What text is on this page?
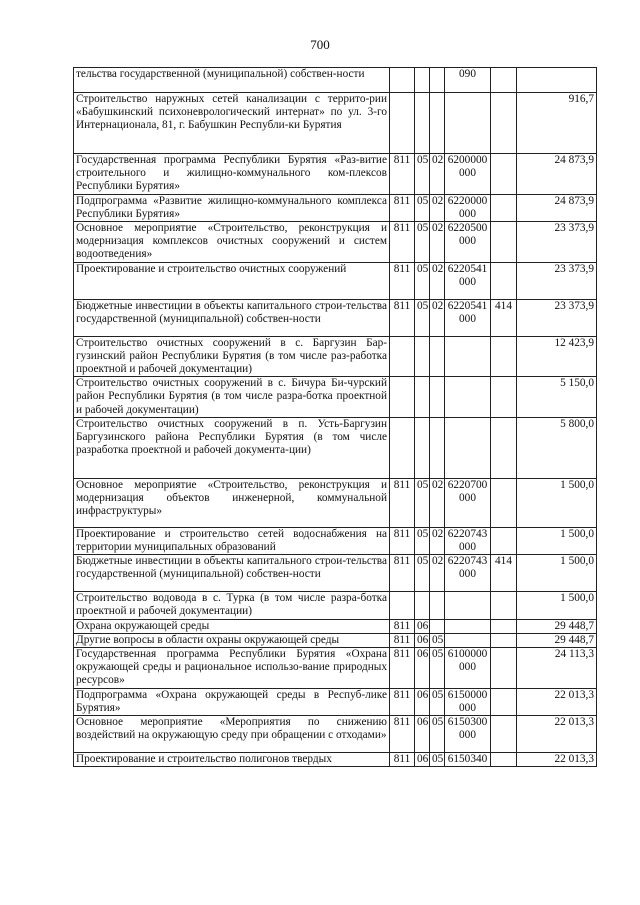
700
тельства государственной (муниципальной) собствен-ности				090		
Строительство наружных сетей канализации с террито-рии «Бабушкинский психоневрологический интернат» по ул. 3-го Интернационала, 81, г. Бабушкин Республи-ки Бурятия						916,7
Государственная программа Республики Бурятия «Раз-витие строительного и жилищно-коммунального ком-плексов Республики Бурятия»	811	05	02	6200000 000		24 873,9
Подпрограмма «Развитие жилищно-коммунального комплекса Республики Бурятия»	811	05	02	6220000 000		24 873,9
Основное мероприятие «Строительство, реконструкция и модернизация комплексов очистных сооружений и систем водоотведения»	811	05	02	6220500 000		23 373,9
Проектирование и строительство очистных сооружений	811	05	02	6220541 000		23 373,9
Бюджетные инвестиции в объекты капитального строи-тельства государственной (муниципальной) собствен-ности	811	05	02	6220541 000	414	23 373,9
Строительство очистных сооружений в с. Баргузин Бар-гузинский район Республики Бурятия (в том числе раз-работка проектной и рабочей документации)						12 423,9
Строительство очистных сооружений в с. Бичура Би-чурский район Республики Бурятия (в том числе разра-ботка проектной и рабочей документации)						5 150,0
Строительство очистных сооружений в п. Усть-Баргузин Баргузинского района Республики Бурятия (в том числе разработка проектной и рабочей документа-ции)						5 800,0
Основное мероприятие «Строительство, реконструкция и модернизация объектов инженерной, коммунальной инфраструктуры»	811	05	02	6220700 000		1 500,0
Проектирование и строительство сетей водоснабжения на территории муниципальных образований	811	05	02	6220743 000		1 500,0
Бюджетные инвестиции в объекты капитального строи-тельства государственной (муниципальной) собствен-ности	811	05	02	6220743 000	414	1 500,0
Строительство водовода в с. Турка (в том числе разра-ботка проектной и рабочей документации)						1 500,0
Охрана окружающей среды	811	06				29 448,7
Другие вопросы в области охраны окружающей среды	811	06	05			29 448,7
Государственная программа Республики Бурятия «Охрана окружающей среды и рациональное использо-вание природных ресурсов»	811	06	05	6100000 000		24 113,3
Подпрограмма «Охрана окружающей среды в Респуб-лике Бурятия»	811	06	05	6150000 000		22 013,3
Основное мероприятие «Мероприятия по снижению воздействий на окружающую среду при обращении с отходами»	811	06	05	6150300 000		22 013,3
Проектирование и строительство полигонов твердых	811	06	05	6150340		22 013,3
